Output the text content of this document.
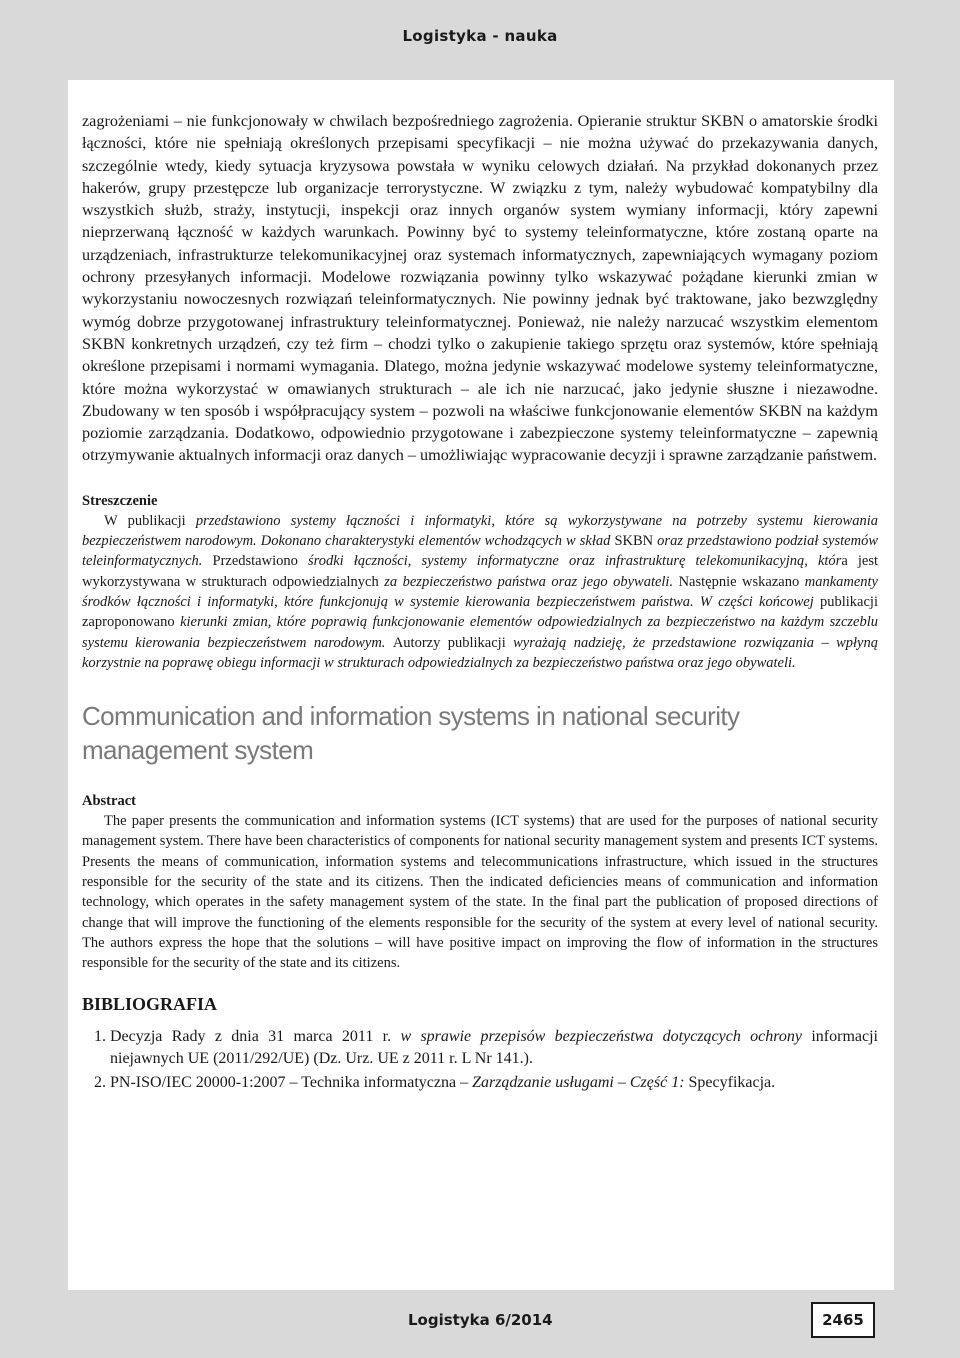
Logistyka - nauka

zagrożeniami – nie funkcjonowały w chwilach bezpośredniego zagrożenia. Opieranie struktur SKBN o amatorskie środki łączności, które nie spełniają określonych przepisami specyfikacji – nie można używać do przekazywania danych, szczególnie wtedy, kiedy sytuacja kryzysowa powstała w wyniku celowych działań. Na przykład dokonanych przez hakerów, grupy przestępcze lub organizacje terrorystyczne. W związku z tym, należy wybudować kompatybilny dla wszystkich służb, straży, instytucji, inspekcji oraz innych organów system wymiany informacji, który zapewni nieprzerwaną łączność w każdych warunkach. Powinny być to systemy teleinformatyczne, które zostaną oparte na urządzeniach, infrastrukturze telekomunikacyjnej oraz systemach informatycznych, zapewniających wymagany poziom ochrony przesyłanych informacji. Modelowe rozwiązania powinny tylko wskazywać pożądane kierunki zmian w wykorzystaniu nowoczesnych rozwiązań teleinformatycznych. Nie powinny jednak być traktowane, jako bezwzględny wymóg dobrze przygotowanej infrastruktury teleinformatycznej. Ponieważ, nie należy narzucać wszystkim elementom SKBN konkretnych urządzeń, czy też firm – chodzi tylko o zakupienie takiego sprzętu oraz systemów, które spełniają określone przepisami i normami wymagania. Dlatego, można jedynie wskazywać modelowe systemy teleinformatyczne, które można wykorzystać w omawianych strukturach – ale ich nie narzucać, jako jedynie słuszne i niezawodne. Zbudowany w ten sposób i współpracujący system – pozwoli na właściwe funkcjonowanie elementów SKBN na każdym poziomie zarządzania. Dodatkowo, odpowiednio przygotowane i zabezpieczone systemy teleinformatyczne – zapewnią otrzymywanie aktualnych informacji oraz danych – umożliwiając wypracowanie decyzji i sprawne zarządzanie państwem.

Streszczenie

W publikacji przedstawiono systemy łączności i informatyki, które są wykorzystywane na potrzeby systemu kierowania bezpieczeństwem narodowym. Dokonano charakterystyki elementów wchodzących w skład SKBN oraz przedstawiono podział systemów teleinformatycznych. Przedstawiono środki łączności, systemy informatyczne oraz infrastrukturę telekomunikacyjną, która jest wykorzystywana w strukturach odpowiedzialnych za bezpieczeństwo państwa oraz jego obywateli. Następnie wskazano mankamenty środków łączności i informatyki, które funkcjonują w systemie kierowania bezpieczeństwem państwa. W części końcowej publikacji zaproponowano kierunki zmian, które poprawią funkcjonowanie elementów odpowiedzialnych za bezpieczeństwo na każdym szczeblu systemu kierowania bezpieczeństwem narodowym. Autorzy publikacji wyrażają nadzieję, że przedstawione rozwiązania – wpłyną korzystnie na poprawę obiegu informacji w strukturach odpowiedzialnych za bezpieczeństwo państwa oraz jego obywateli.

Communication and information systems in national security management system
Abstract

The paper presents the communication and information systems (ICT systems) that are used for the purposes of national security management system. There have been characteristics of components for national security management system and presents ICT systems. Presents the means of communication, information systems and telecommunications infrastructure, which issued in the structures responsible for the security of the state and its citizens. Then the indicated deficiencies means of communication and information technology, which operates in the safety management system of the state. In the final part the publication of proposed directions of change that will improve the functioning of the elements responsible for the security of the system at every level of national security. The authors express the hope that the solutions – will have positive impact on improving the flow of information in the structures responsible for the security of the state and its citizens.

BIBLIOGRAFIA
1. Decyzja Rady z dnia 31 marca 2011 r. w sprawie przepisów bezpieczeństwa dotyczących ochrony informacji niejawnych UE (2011/292/UE) (Dz. Urz. UE z 2011 r. L Nr 141.).
2. PN-ISO/IEC 20000-1:2007 – Technika informatyczna – Zarządzanie usługami – Część 1: Specyfikacja.
Logistyka 6/2014	2465
